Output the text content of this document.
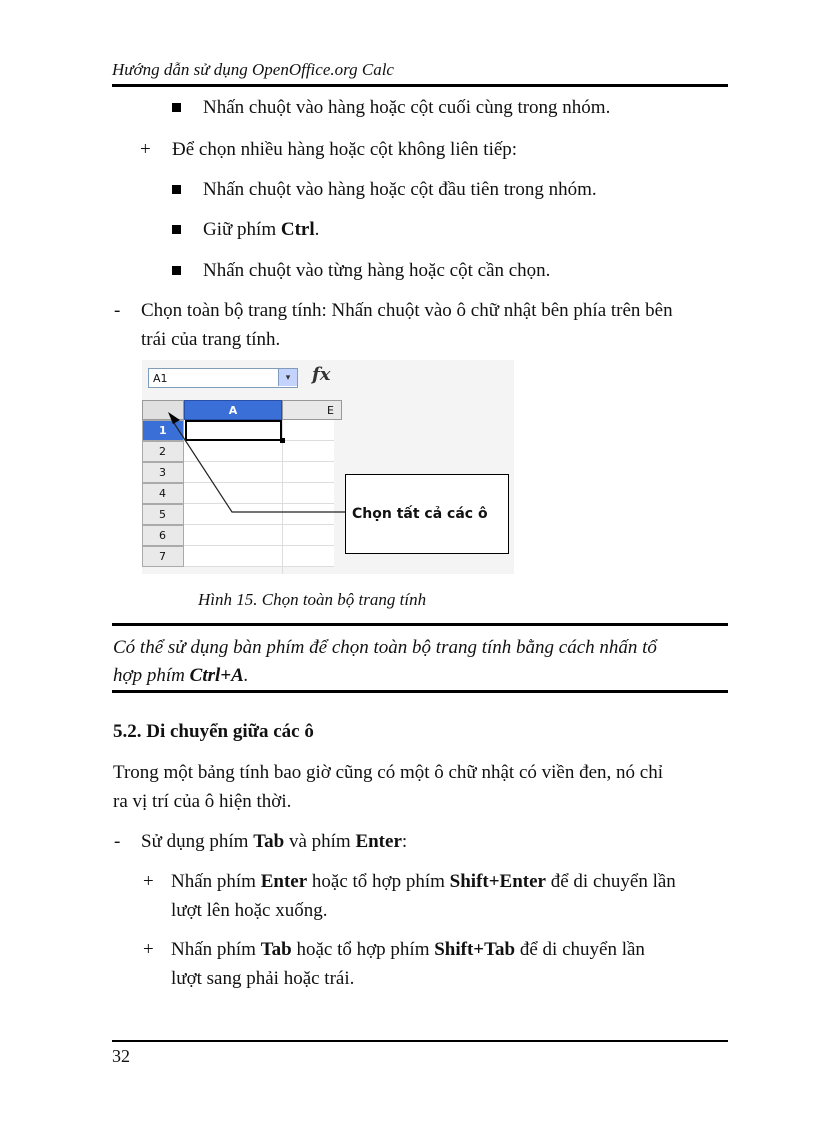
Hướng dẫn sử dụng OpenOffice.org Calc
Nhấn chuột vào hàng hoặc cột cuối cùng trong nhóm.
+ Để chọn nhiều hàng hoặc cột không liên tiếp:
Nhấn chuột vào hàng hoặc cột đầu tiên trong nhóm.
Giữ phím Ctrl.
Nhấn chuột vào từng hàng hoặc cột cần chọn.
- Chọn toàn bộ trang tính: Nhấn chuột vào ô chữ nhật bên phía trên bên
trái của trang tính.
A1	▾	fx
A	E
1
2
3
4
5
6
7
Chọn tất cả các ô
Hình 15. Chọn toàn bộ trang tính
Có thể sử dụng bàn phím để chọn toàn bộ trang tính bằng cách nhấn tổ
hợp phím Ctrl+A.
5.2. Di chuyển giữa các ô
Trong một bảng tính bao giờ cũng có một ô chữ nhật có viền đen, nó chỉ
ra vị trí của ô hiện thời.
- Sử dụng phím Tab và phím Enter:
+ Nhấn phím Enter hoặc tổ hợp phím Shift+Enter để di chuyển lần
lượt lên hoặc xuống.
+ Nhấn phím Tab hoặc tổ hợp phím Shift+Tab để di chuyển lần
lượt sang phải hoặc trái.
32
